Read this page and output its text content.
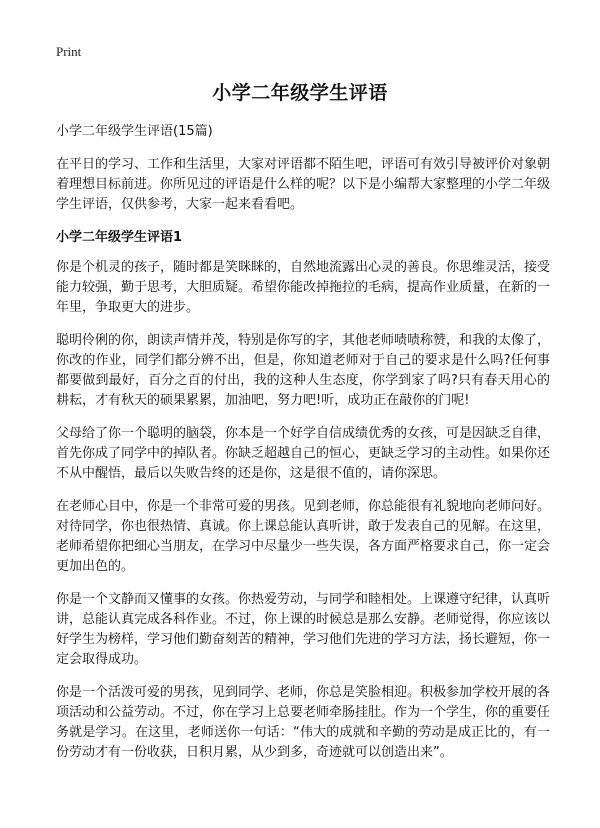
Print
小学二年级学生评语

小学二年级学生评语(15篇)

在平日的学习、工作和生活里，大家对评语都不陌生吧，评语可有效引导被评价对象朝着理想目标前进。你所见过的评语是什么样的呢？以下是小编帮大家整理的小学二年级学生评语，仅供参考，大家一起来看看吧。

小学二年级学生评语1

你是个机灵的孩子，随时都是笑眯眯的，自然地流露出心灵的善良。你思维灵活，接受能力较强，勤于思考，大胆质疑。希望你能改掉拖拉的毛病，提高作业质量，在新的一年里，争取更大的进步。

聪明伶俐的你，朗读声情并茂，特别是你写的字，其他老师啧啧称赞，和我的太像了，你改的作业，同学们都分辨不出，但是，你知道老师对于自己的要求是什么吗?任何事都要做到最好，百分之百的付出，我的这种人生态度，你学到家了吗?只有春天用心的耕耘，才有秋天的硕果累累，加油吧，努力吧!听，成功正在敲你的门呢!

父母给了你一个聪明的脑袋，你本是一个好学自信成绩优秀的女孩，可是因缺乏自律，首先你成了同学中的掉队者。你缺乏超越自己的恒心，更缺乏学习的主动性。如果你还不从中醒悟，最后以失败告终的还是你，这是很不值的，请你深思。

在老师心目中，你是一个非常可爱的男孩。见到老师，你总能很有礼貌地向老师问好。对待同学，你也很热情、真诚。你上课总能认真听讲，敢于发表自己的见解。在这里，老师希望你把细心当朋友，在学习中尽量少一些失误，各方面严格要求自己，你一定会更加出色的。

你是一个文静而又懂事的女孩。你热爱劳动，与同学和睦相处。上课遵守纪律，认真听讲，总能认真完成各科作业。不过，你上课的时候总是那么安静。老师觉得，你应该以好学生为榜样，学习他们勤奋刻苦的精神，学习他们先进的学习方法，扬长避短，你一定会取得成功。

你是一个活泼可爱的男孩，见到同学、老师，你总是笑脸相迎。积极参加学校开展的各项活动和公益劳动。不过，你在学习上总要老师牵肠挂肚。作为一个学生，你的重要任务就是学习。在这里，老师送你一句话：“伟大的成就和辛勤的劳动是成正比的，有一份劳动才有一份收获，日积月累，从少到多，奇迹就可以创造出来”。
